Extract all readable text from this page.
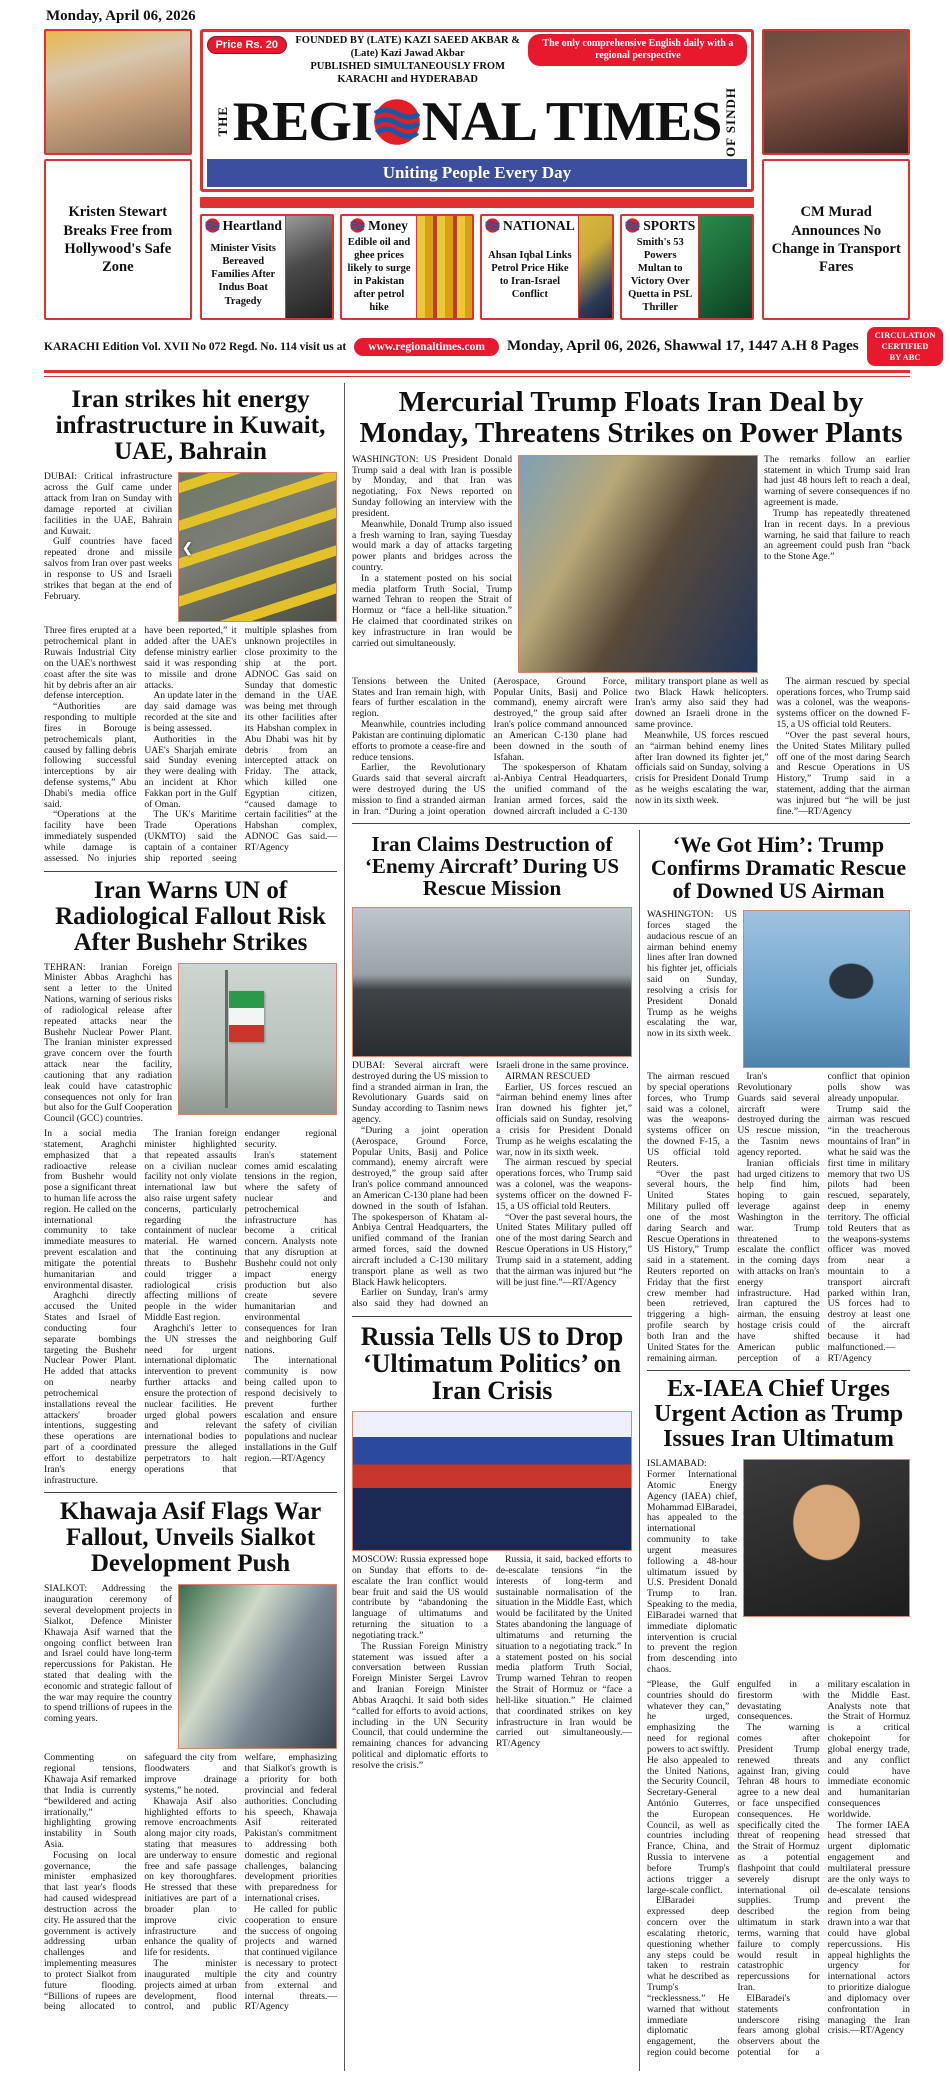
Monday, April 06, 2026
Kristen Stewart Breaks Free from Hollywood's Safe Zone
Price Rs. 20	FOUNDED BY (LATE) KAZI SAEED AKBAR & (Late) Kazi Jawad Akbar
PUBLISHED SIMULTANEOUSLY FROM KARACHI and HYDERABAD
The only comprehensive English daily with a regional perspective
THE REGI NAL TIMES OF SINDH
Uniting People Every Day
Heartland
Minister Visits Bereaved Families After Indus Boat Tragedy
Money
Edible oil and ghee prices likely to surge in Pakistan after petrol hike
NATIONAL
Ahsan Iqbal Links Petrol Price Hike to Iran-Israel Conflict
SPORTS
Smith's 53 Powers Multan to Victory Over Quetta in PSL Thriller
CM Murad Announces No Change in Transport Fares
KARACHI Edition Vol. XVII No 072 Regd. No. 114 visit us at	www.regionaltimes.com	Monday, April 06, 2026, Shawwal 17, 1447 A.H 8 Pages
CIRCULATION
CERTIFIED BY ABC
Iran strikes hit energy infrastructure in Kuwait, UAE, Bahrain

DUBAI: Critical infrastructure across the Gulf came under attack from Iran on Sunday with damage reported at civilian facilities in the UAE, Bahrain and Kuwait.

Gulf countries have faced repeated drone and missile salvos from Iran over past weeks in response to US and Israeli strikes that began at the end of February.

❮

Three fires erupted at a petrochemical plant in Ruwais Industrial City on the UAE's northwest coast after the site was hit by debris after an air defense interception.

“Authorities are responding to multiple fires in Borouge petrochemicals plant, caused by falling debris following successful interceptions by air defense systems,” Abu Dhabi's media office said.

“Operations at the facility have been immediately suspended while damage is assessed. No injuries have been reported,” it added after the UAE's defense ministry earlier said it was responding to missile and drone attacks.

An update later in the day said damage was recorded at the site and is being assessed.

Authorities in the UAE's Sharjah emirate said Sunday evening they were dealing with an incident at Khor Fakkan port in the Gulf of Oman.

The UK's Maritime Trade Operations (UKMTO) said the captain of a container ship reported seeing multiple splashes from unknown projectiles in close proximity to the ship at the port. ADNOC Gas said on Sunday that domestic demand in the UAE was being met through its other facilities after its Habshan complex in Abu Dhabi was hit by debris from an intercepted attack on Friday. The attack, which killed one Egyptian citizen, “caused damage to certain facilities” at the Habshan complex, ADNOC Gas said.—RT/Agency

Iran Warns UN of Radiological Fallout Risk After Bushehr Strikes

TEHRAN: Iranian Foreign Minister Abbas Araghchi has sent a letter to the United Nations, warning of serious risks of radiological release after repeated attacks near the Bushehr Nuclear Power Plant. The Iranian minister expressed grave concern over the fourth attack near the facility, cautioning that any radiation leak could have catastrophic consequences not only for Iran but also for the Gulf Cooperation Council (GCC) countries.

In a social media statement, Araghchi emphasized that a radioactive release from Bushehr would pose a significant threat to human life across the region. He called on the international community to take immediate measures to prevent escalation and mitigate the potential humanitarian and environmental disaster.

Araghchi directly accused the United States and Israel of conducting four separate bombings targeting the Bushehr Nuclear Power Plant. He added that attacks on nearby petrochemical installations reveal the attackers' broader intentions, suggesting these operations are part of a coordinated effort to destabilize Iran's energy infrastructure.

The Iranian foreign minister highlighted that repeated assaults on a civilian nuclear facility not only violate international law but also raise urgent safety concerns, particularly regarding the containment of nuclear material. He warned that the continuing threats to Bushehr could trigger a radiological crisis affecting millions of people in the wider Middle East region.

Araghchi's letter to the UN stresses the need for urgent international diplomatic intervention to prevent further attacks and ensure the protection of nuclear facilities. He urged global powers and relevant international bodies to pressure the alleged perpetrators to halt operations that endanger regional security.

Iran's statement comes amid escalating tensions in the region, where the safety of nuclear and petrochemical infrastructure has become a critical concern. Analysts note that any disruption at Bushehr could not only impact energy production but also create severe humanitarian and environmental consequences for Iran and neighboring Gulf nations.

The international community is now being called upon to respond decisively to prevent further escalation and ensure the safety of civilian populations and nuclear installations in the Gulf region.—RT/Agency

Khawaja Asif Flags War Fallout, Unveils Sialkot Development Push

SIALKOT: Addressing the inauguration ceremony of several development projects in Sialkot, Defence Minister Khawaja Asif warned that the ongoing conflict between Iran and Israel could have long-term repercussions for Pakistan. He stated that dealing with the economic and strategic fallout of the war may require the country to spend trillions of rupees in the coming years.

Commenting on regional tensions, Khawaja Asif remarked that India is currently “bewildered and acting irrationally,” highlighting growing instability in South Asia.

Focusing on local governance, the minister emphasized that last year's floods had caused widespread destruction across the city. He assured that the government is actively addressing urban challenges and implementing measures to protect Sialkot from future flooding. “Billions of rupees are being allocated to safeguard the city from floodwaters and improve drainage systems,” he noted.

Khawaja Asif also highlighted efforts to remove encroachments along major city roads, stating that measures are underway to ensure free and safe passage on key thoroughfares. He stressed that these initiatives are part of a broader plan to improve civic infrastructure and enhance the quality of life for residents.

The minister inaugurated multiple projects aimed at urban development, flood control, and public welfare, emphasizing that Sialkot's growth is a priority for both provincial and federal authorities. Concluding his speech, Khawaja Asif reiterated Pakistan's commitment to addressing both domestic and regional challenges, balancing development priorities with preparedness for international crises.

He called for public cooperation to ensure the success of ongoing projects and warned that continued vigilance is necessary to protect the city and country from external and internal threats.—RT/Agency

Mercurial Trump Floats Iran Deal by Monday, Threatens Strikes on Power Plants

WASHINGTON: US President Donald Trump said a deal with Iran is possible by Monday, and that Iran was negotiating, Fox News reported on Sunday following an interview with the president.

Meanwhile, Donald Trump also issued a fresh warning to Iran, saying Tuesday would mark a day of attacks targeting power plants and bridges across the country.

In a statement posted on his social media platform Truth Social, Trump warned Tehran to reopen the Strait of Hormuz or “face a hell-like situation.” He claimed that coordinated strikes on key infrastructure in Iran would be carried out simultaneously.

The remarks follow an earlier statement in which Trump said Iran had just 48 hours left to reach a deal, warning of severe consequences if no agreement is made.

Trump has repeatedly threatened Iran in recent days. In a previous warning, he said that failure to reach an agreement could push Iran “back to the Stone Age.”

Tensions between the United States and Iran remain high, with fears of further escalation in the region.

Meanwhile, countries including Pakistan are continuing diplomatic efforts to promote a cease-fire and reduce tensions.

Earlier, the Revolutionary Guards said that several aircraft were destroyed during the US mission to find a stranded airman in Iran. “During a joint operation (Aerospace, Ground Force, Popular Units, Basij and Police command), enemy aircraft were destroyed,” the group said after Iran's police command announced an American C-130 plane had been downed in the south of Isfahan.

The spokesperson of Khatam al-Anbiya Central Headquarters, the unified command of the Iranian armed forces, said the downed aircraft included a C-130 military transport plane as well as two Black Hawk helicopters. Iran's army also said they had downed an Israeli drone in the same province.

Meanwhile, US forces rescued an “airman behind enemy lines after Iran downed its fighter jet,” officials said on Sunday, solving a crisis for President Donald Trump as he weighs escalating the war, now in its sixth week.

The airman rescued by special operations forces, who Trump said was a colonel, was the weapons-systems officer on the downed F-15, a US official told Reuters.

“Over the past several hours, the United States Military pulled off one of the most daring Search and Rescue Operations in US History,” Trump said in a statement, adding that the airman was injured but “he will be just fine.”—RT/Agency

Iran Claims Destruction of ‘Enemy Aircraft’ During US Rescue Mission

DUBAI: Several aircraft were destroyed during the US mission to find a stranded airman in Iran, the Revolutionary Guards said on Sunday according to Tasnim news agency.

“During a joint operation (Aerospace, Ground Force, Popular Units, Basij and Police command), enemy aircraft were destroyed,” the group said after Iran's police command announced an American C-130 plane had been downed in the south of Isfahan. The spokesperson of Khatam al-Anbiya Central Headquarters, the unified command of the Iranian armed forces, said the downed aircraft included a C-130 military transport plane as well as two Black Hawk helicopters.

Earlier on Sunday, Iran's army also said they had downed an Israeli drone in the same province.

AIRMAN RESCUED

Earlier, US forces rescued an “airman behind enemy lines after Iran downed his fighter jet,” officials said on Sunday, resolving a crisis for President Donald Trump as he weighs escalating the war, now in its sixth week.

The airman rescued by special operations forces, who Trump said was a colonel, was the weapons-systems officer on the downed F-15, a US official told Reuters.

“Over the past several hours, the United States Military pulled off one of the most daring Search and Rescue Operations in US History,” Trump said in a statement, adding that the airman was injured but “he will be just fine.”—RT/Agency

Russia Tells US to Drop ‘Ultimatum Politics’ on Iran Crisis

MOSCOW: Russia expressed hope on Sunday that efforts to de-escalate the Iran conflict would bear fruit and said the US would contribute by “abandoning the language of ultimatums and returning the situation to a negotiating track.”

The Russian Foreign Ministry statement was issued after a conversation between Russian Foreign Minister Sergei Lavrov and Iranian Foreign Minister Abbas Araqchi. It said both sides “called for efforts to avoid actions, including in the UN Security Council, that could undermine the remaining chances for advancing political and diplomatic efforts to resolve the crisis.”

Russia, it said, backed efforts to de-escalate tensions “in the interests of long-term and sustainable normalisation of the situation in the Middle East, which would be facilitated by the United States abandoning the language of ultimatums and returning the situation to a negotiating track.” In a statement posted on his social media platform Truth Social, Trump warned Tehran to reopen the Strait of Hormuz or “face a hell-like situation.” He claimed that coordinated strikes on key infrastructure in Iran would be carried out simultaneously.—RT/Agency

‘We Got Him’: Trump Confirms Dramatic Rescue of Downed US Airman

WASHINGTON: US forces staged the audacious rescue of an airman behind enemy lines after Iran downed his fighter jet, officials said on Sunday, resolving a crisis for President Donald Trump as he weighs escalating the war, now in its sixth week.

The airman rescued by special operations forces, who Trump said was a colonel, was the weapons-systems officer on the downed F-15, a US official told Reuters.

“Over the past several hours, the United States Military pulled off one of the most daring Search and Rescue Operations in US History,” Trump said in a statement. Reuters reported on Friday that the first crew member had been retrieved, triggering a high-profile search by both Iran and the United States for the remaining airman.

Iran's Revolutionary Guards said several aircraft were destroyed during the US rescue mission, the Tasnim news agency reported.

Iranian officials had urged citizens to help find him, hoping to gain leverage against Washington in the war. Trump threatened to escalate the conflict in the coming days with attacks on Iran's energy infrastructure. Had Iran captured the airman, the ensuing hostage crisis could have shifted American public perception of a conflict that opinion polls show was already unpopular.

Trump said the airman was rescued “in the treacherous mountains of Iran” in what he said was the first time in military memory that two US pilots had been rescued, separately, deep in enemy territory. The official told Reuters that as the weapons-systems officer was moved from near a mountain to a transport aircraft parked within Iran, US forces had to destroy at least one of the aircraft because it had malfunctioned.—RT/Agency

Ex-IAEA Chief Urges Urgent Action as Trump Issues Iran Ultimatum

ISLAMABAD: Former International Atomic Energy Agency (IAEA) chief, Mohammad ElBaradei, has appealed to the international community to take urgent measures following a 48-hour ultimatum issued by U.S. President Donald Trump to Iran. Speaking to the media, ElBaradei warned that immediate diplomatic intervention is crucial to prevent the region from descending into chaos.

“Please, the Gulf countries should do whatever they can,” he urged, emphasizing the need for regional powers to act swiftly. He also appealed to the United Nations, the Security Council, Secretary-General António Guterres, the European Council, as well as countries including France, China, and Russia to intervene before Trump's actions trigger a large-scale conflict.

ElBaradei expressed deep concern over the escalating rhetoric, questioning whether any steps could be taken to restrain what he described as Trump's “recklessness.” He warned that without immediate diplomatic engagement, the region could become engulfed in a firestorm with devastating consequences.

The warning comes after President Trump renewed threats against Iran, giving Tehran 48 hours to agree to a new deal or face unspecified consequences. He specifically cited the threat of reopening the Strait of Hormuz as a potential flashpoint that could severely disrupt international oil supplies. Trump described the ultimatum in stark terms, warning that failure to comply would result in catastrophic repercussions for Iran.

ElBaradei's statements underscore rising fears among global observers about the potential for a military escalation in the Middle East. Analysts note that the Strait of Hormuz is a critical chokepoint for global energy trade, and any conflict could have immediate economic and humanitarian consequences worldwide.

The former IAEA head stressed that urgent diplomatic engagement and multilateral pressure are the only ways to de-escalate tensions and prevent the region from being drawn into a war that could have global repercussions. His appeal highlights the urgency for international actors to prioritize dialogue and diplomacy over confrontation in managing the Iran crisis.—RT/Agency
